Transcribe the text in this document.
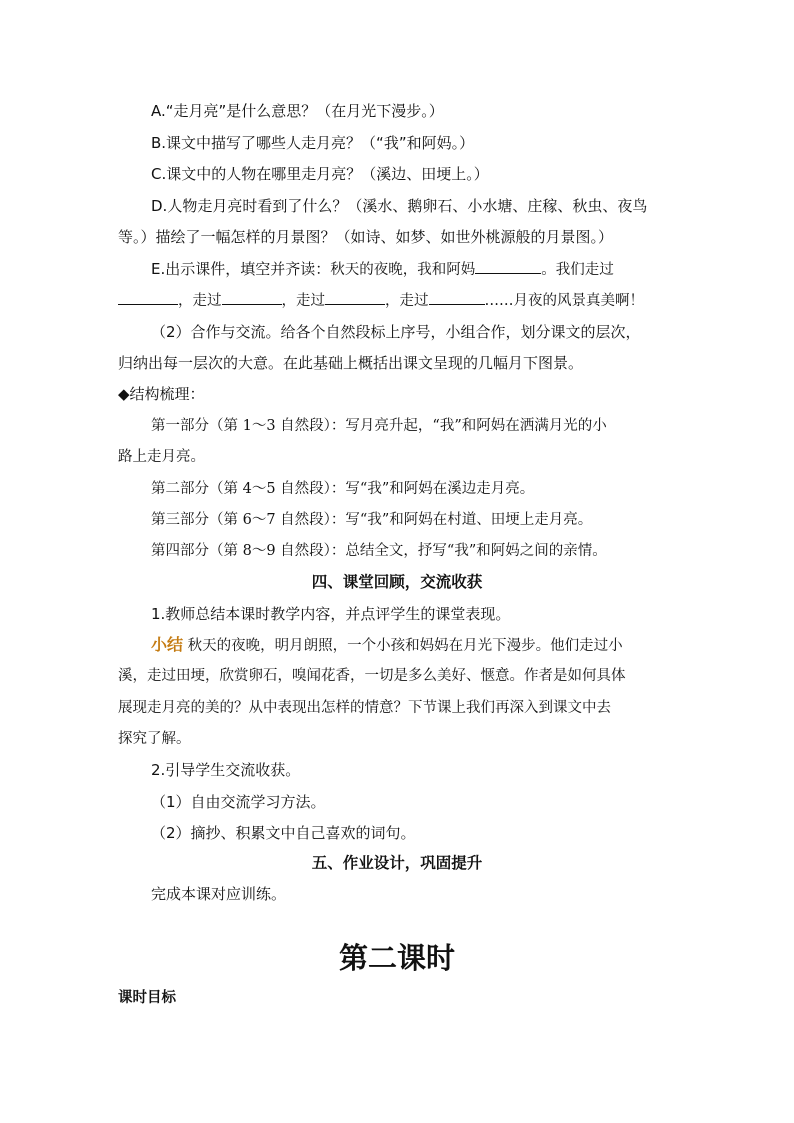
A.“走月亮”是什么意思？（在月光下漫步。）
B.课文中描写了哪些人走月亮？（“我”和阿妈。）
C.课文中的人物在哪里走月亮？（溪边、田埂上。）
D.人物走月亮时看到了什么？（溪水、鹅卵石、小水塘、庄稼、秋虫、夜鸟
等。）描绘了一幅怎样的月景图？（如诗、如梦、如世外桃源般的月景图。）
E.出示课件，填空并齐读：秋天的夜晚，我和阿妈	。我们走过
，走过	，走过	，走过	……月夜的风景真美啊！
（2）合作与交流。给各个自然段标上序号，小组合作，划分课文的层次，
归纳出每一层次的大意。在此基础上概括出课文呈现的几幅月下图景。
◆结构梳理：
第一部分（第 1～3 自然段）：写月亮升起，“我”和阿妈在洒满月光的小
路上走月亮。
第二部分（第 4～5 自然段）：写“我”和阿妈在溪边走月亮。
第三部分（第 6～7 自然段）：写“我”和阿妈在村道、田埂上走月亮。
第四部分（第 8～9 自然段）：总结全文，抒写“我”和阿妈之间的亲情。
四、课堂回顾，交流收获
1.教师总结本课时教学内容，并点评学生的课堂表现。
小结 秋天的夜晚，明月朗照，一个小孩和妈妈在月光下漫步。他们走过小
溪，走过田埂，欣赏卵石，嗅闻花香，一切是多么美好、惬意。作者是如何具体
展现走月亮的美的？从中表现出怎样的情意？下节课上我们再深入到课文中去
探究了解。
2.引导学生交流收获。
（1）自由交流学习方法。
（2）摘抄、积累文中自己喜欢的词句。
五、作业设计，巩固提升
完成本课对应训练。
第二课时
课时目标
